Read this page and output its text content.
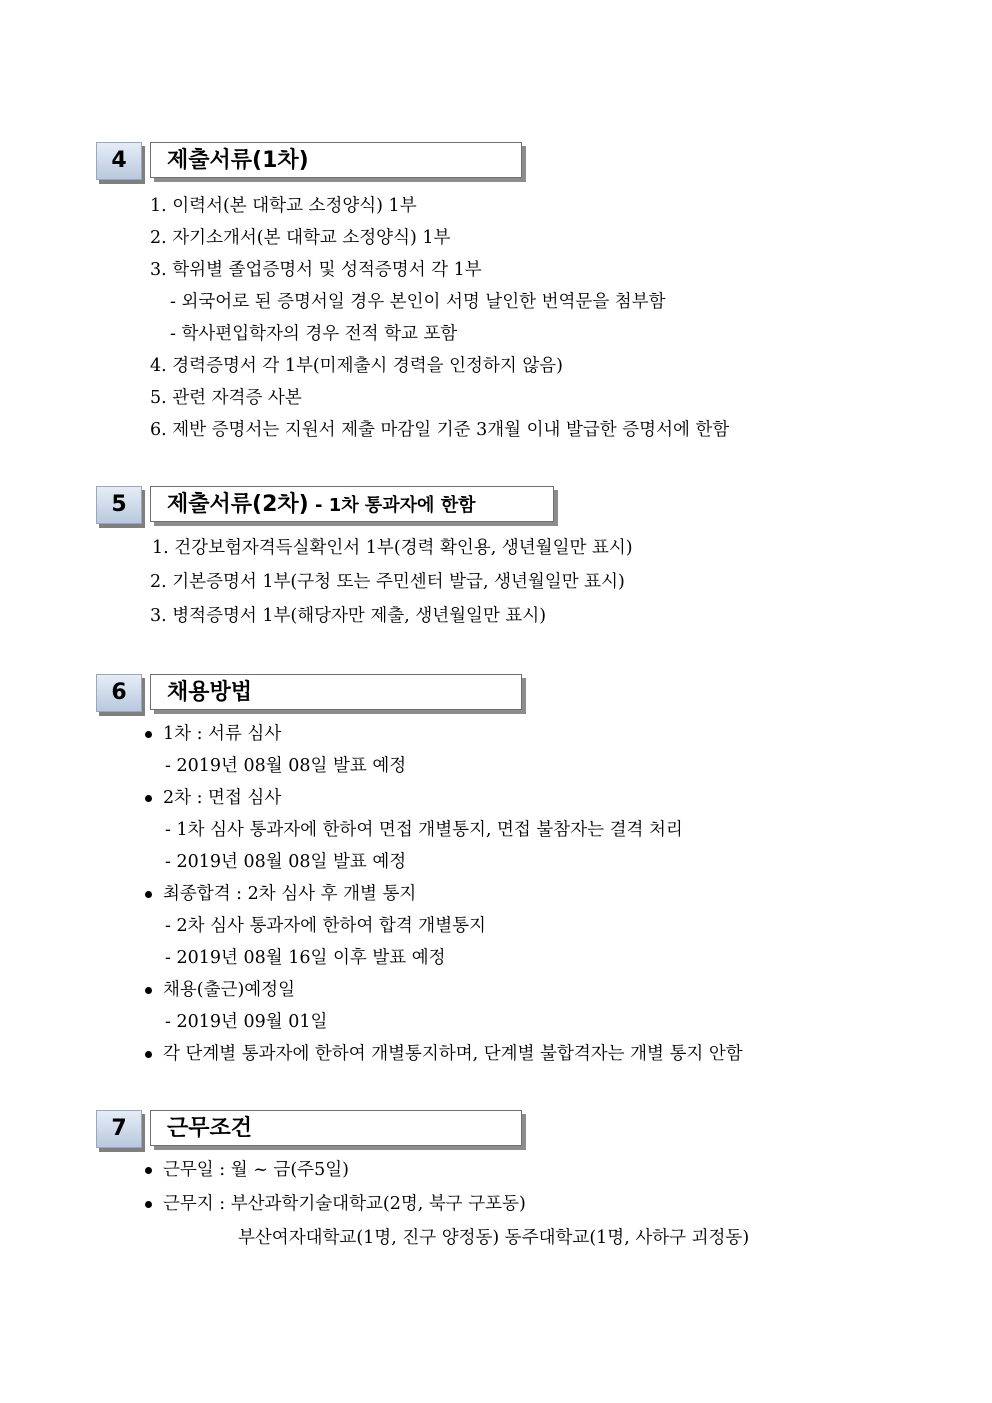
4	제출서류(1차)
1. 이력서(본 대학교 소정양식) 1부
2. 자기소개서(본 대학교 소정양식) 1부
3. 학위별 졸업증명서 및 성적증명서 각 1부
- 외국어로 된 증명서일 경우 본인이 서명 날인한 번역문을 첨부함
- 학사편입학자의 경우 전적 학교 포함
4. 경력증명서 각 1부(미제출시 경력을 인정하지 않음)
5. 관련 자격증 사본
6. 제반 증명서는 지원서 제출 마감일 기준 3개월 이내 발급한 증명서에 한함
5	제출서류(2차) - 1차 통과자에 한함
1. 건강보험자격득실확인서 1부(경력 확인용, 생년월일만 표시)
2. 기본증명서 1부(구청 또는 주민센터 발급, 생년월일만 표시)
3. 병적증명서 1부(해당자만 제출, 생년월일만 표시)
6	채용방법
1차 : 서류 심사
- 2019년 08월 08일 발표 예정
2차 : 면접 심사
- 1차 심사 통과자에 한하여 면접 개별통지, 면접 불참자는 결격 처리
- 2019년 08월 08일 발표 예정
최종합격 : 2차 심사 후 개별 통지
- 2차 심사 통과자에 한하여 합격 개별통지
- 2019년 08월 16일 이후 발표 예정
채용(출근)예정일
- 2019년 09월 01일
각 단계별 통과자에 한하여 개별통지하며, 단계별 불합격자는 개별 통지 안함
7	근무조건
근무일 : 월 ~ 금(주5일)
근무지 : 부산과학기술대학교(2명, 북구 구포동)
부산여자대학교(1명, 진구 양정동) 동주대학교(1명, 사하구 괴정동)
